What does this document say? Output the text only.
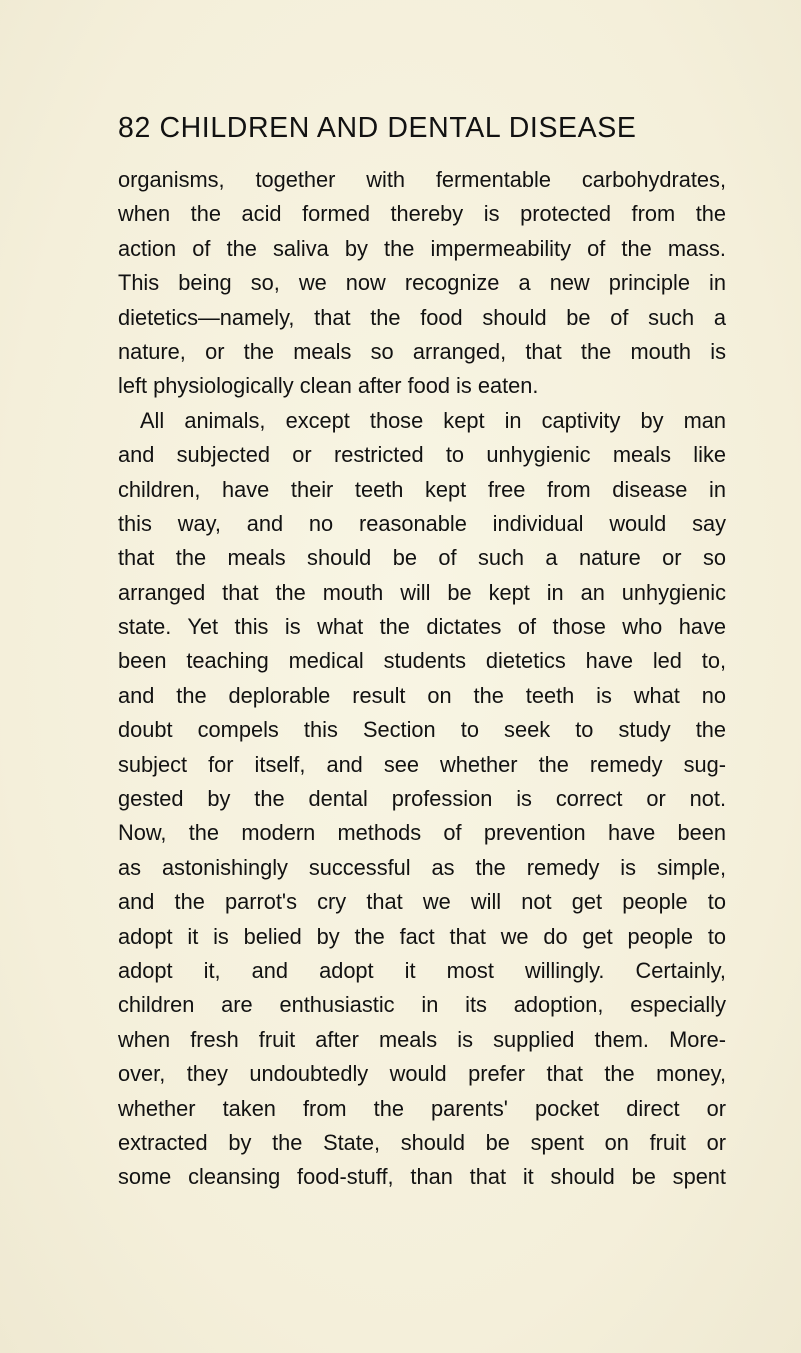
82 CHILDREN AND DENTAL DISEASE
organisms, together with fermentable carbohydrates,
when the acid formed thereby is protected from the
action of the saliva by the impermeability of the mass.
This being so, we now recognize a new principle in
dietetics—namely, that the food should be of such a
nature, or the meals so arranged, that the mouth is
left physiologically clean after food is eaten.
All animals, except those kept in captivity by man
and subjected or restricted to unhygienic meals like
children, have their teeth kept free from disease in
this way, and no reasonable individual would say
that the meals should be of such a nature or so
arranged that the mouth will be kept in an unhygienic
state. Yet this is what the dictates of those who have
been teaching medical students dietetics have led to,
and the deplorable result on the teeth is what no
doubt compels this Section to seek to study the
subject for itself, and see whether the remedy sug-
gested by the dental profession is correct or not.
Now, the modern methods of prevention have been
as astonishingly successful as the remedy is simple,
and the parrot's cry that we will not get people to
adopt it is belied by the fact that we do get people to
adopt it, and adopt it most willingly. Certainly,
children are enthusiastic in its adoption, especially
when fresh fruit after meals is supplied them. More-
over, they undoubtedly would prefer that the money,
whether taken from the parents' pocket direct or
extracted by the State, should be spent on fruit or
some cleansing food-stuff, than that it should be spent
